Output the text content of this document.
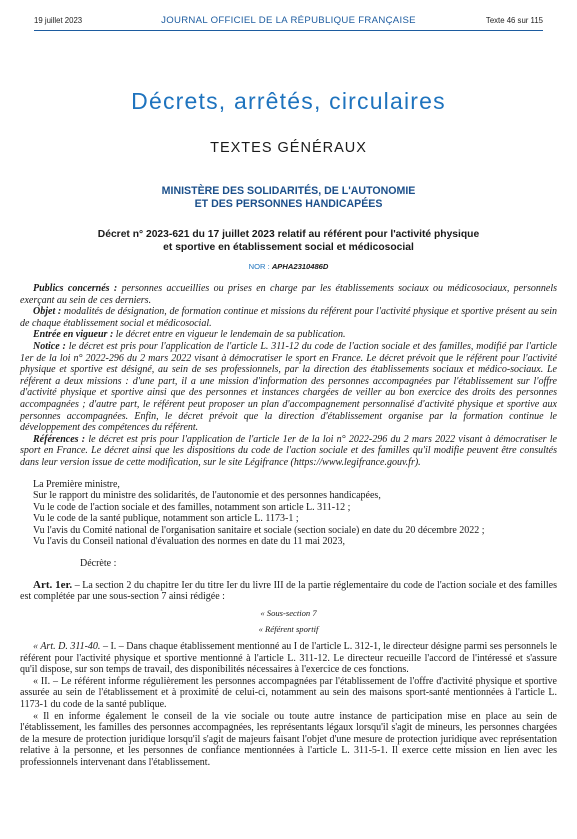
19 juillet 2023	JOURNAL OFFICIEL DE LA RÉPUBLIQUE FRANÇAISE	Texte 46 sur 115
Décrets, arrêtés, circulaires
TEXTES GÉNÉRAUX
MINISTÈRE DES SOLIDARITÉS, DE L'AUTONOMIE
ET DES PERSONNES HANDICAPÉES
Décret n° 2023-621 du 17 juillet 2023 relatif au référent pour l'activité physique
et sportive en établissement social et médicosocial
NOR : APHA2310486D

Publics concernés : personnes accueillies ou prises en charge par les établissements sociaux ou médicosociaux, personnels exerçant au sein de ces derniers.

Objet : modalités de désignation, de formation continue et missions du référent pour l'activité physique et sportive présent au sein de chaque établissement social et médicosocial.

Entrée en vigueur : le décret entre en vigueur le lendemain de sa publication.

Notice : le décret est pris pour l'application de l'article L. 311-12 du code de l'action sociale et des familles, modifié par l'article 1er de la loi n° 2022-296 du 2 mars 2022 visant à démocratiser le sport en France. Le décret prévoit que le référent pour l'activité physique et sportive est désigné, au sein de ses professionnels, par la direction des établissements sociaux et médico-sociaux. Le référent a deux missions : d'une part, il a une mission d'information des personnes accompagnées par l'établissement sur l'offre d'activité physique et sportive ainsi que des personnes et instances chargées de veiller au bon exercice des droits des personnes accompagnées ; d'autre part, le référent peut proposer un plan d'accompagnement personnalisé d'activité physique et sportive aux personnes accompagnées. Enfin, le décret prévoit que la direction d'établissement organise par la formation continue le développement des compétences du référent.

Références : le décret est pris pour l'application de l'article 1er de la loi n° 2022-296 du 2 mars 2022 visant à démocratiser le sport en France. Le décret ainsi que les dispositions du code de l'action sociale et des familles qu'il modifie peuvent être consultés dans leur version issue de cette modification, sur le site Légifrance (https://www.legifrance.gouv.fr).

La Première ministre,

Sur le rapport du ministre des solidarités, de l'autonomie et des personnes handicapées,

Vu le code de l'action sociale et des familles, notamment son article L. 311-12 ;

Vu le code de la santé publique, notamment son article L. 1173-1 ;

Vu l'avis du Comité national de l'organisation sanitaire et sociale (section sociale) en date du 20 décembre 2022 ;

Vu l'avis du Conseil national d'évaluation des normes en date du 11 mai 2023,

Décrète :

Art. 1er. – La section 2 du chapitre Ier du titre Ier du livre III de la partie réglementaire du code de l'action sociale et des familles est complétée par une sous-section 7 ainsi rédigée :

« Sous-section 7

« Référent sportif

« Art. D. 311-40. – I. – Dans chaque établissement mentionné au I de l'article L. 312-1, le directeur désigne parmi ses personnels le référent pour l'activité physique et sportive mentionné à l'article L. 311-12. Le directeur recueille l'accord de l'intéressé et s'assure qu'il dispose, sur son temps de travail, des disponibilités nécessaires à l'exercice de ces fonctions.

« II. – Le référent informe régulièrement les personnes accompagnées par l'établissement de l'offre d'activité physique et sportive assurée au sein de l'établissement et à proximité de celui-ci, notamment au sein des maisons sport-santé mentionnées à l'article L. 1173-1 du code de la santé publique.

« Il en informe également le conseil de la vie sociale ou toute autre instance de participation mise en place au sein de l'établissement, les familles des personnes accompagnées, les représentants légaux lorsqu'il s'agit de mineurs, les personnes chargées de la mesure de protection juridique lorsqu'il s'agit de majeurs faisant l'objet d'une mesure de protection juridique avec représentation relative à la personne, et les personnes de confiance mentionnées à l'article L. 311-5-1. Il exerce cette mission en lien avec les professionnels intervenant dans l'établissement.
